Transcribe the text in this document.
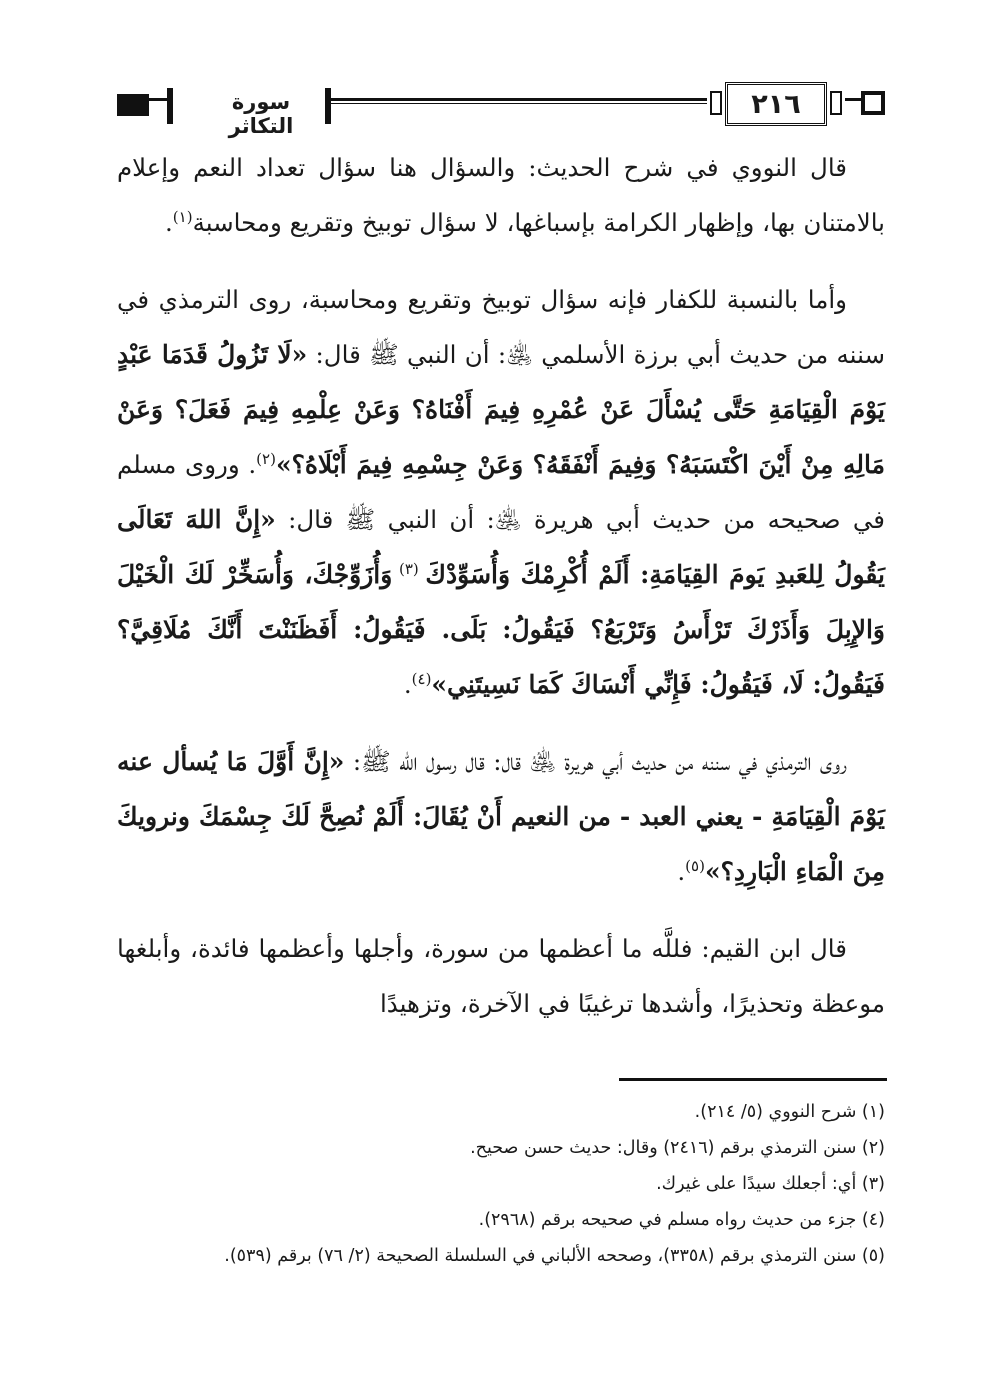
سورة التكاثر
٢١٦

قال النووي في شرح الحديث: والسؤال هنا سؤال تعداد النعم وإعلام بالامتنان بها، وإظهار الكرامة بإسباغها، لا سؤال توبيخ وتقريع ومحاسبة$^{(١)}$.

وأما بالنسبة للكفار فإنه سؤال توبيخ وتقريع ومحاسبة، روى الترمذي في سننه من حديث أبي برزة الأسلمي ﵁: أن النبي ﷺ قال: «لَا تَزُولُ قَدَمَا عَبْدٍ يَوْمَ الْقِيَامَةِ حَتَّى يُسْأَلَ عَنْ عُمْرِهِ فِيمَ أَفْنَاهُ؟ وَعَنْ عِلْمِهِ فِيمَ فَعَلَ؟ وَعَنْ مَالِهِ مِنْ أَيْنَ اكْتَسَبَهُ؟ وَفِيمَ أَنْفَقَهُ؟ وَعَنْ جِسْمِهِ فِيمَ أَبْلَاهُ؟»$^{(٢)}$. وروى مسلم في صحيحه من حديث أبي هريرة ﵁: أن النبي ﷺ قال: «إِنَّ اللهَ تَعَالَى يَقُولُ لِلعَبدِ يَومَ القِيَامَةِ: أَلَمْ أُكْرِمْكَ وَأُسَوِّدْكَ $^{(٣)}$ وَأُزَوِّجْكَ، وَأُسَخِّرْ لَكَ الْخَيْلَ وَالإِبِلَ وَأَذَرْكَ تَرْأَسُ وَتَرْبَعُ؟ فَيَقُولُ: بَلَى. فَيَقُولُ: أَفَظَنَنْتَ أَنَّكَ مُلَاقِيَّ؟ فَيَقُولُ: لَا، فَيَقُولُ: فَإِنِّي أَنْسَاكَ كَمَا نَسِيتَنِي»$^{(٤)}$.

روى الترمذي في سننه من حديث أبي هريرة ﵁ قال: قال رسول الله ﷺ: «إِنَّ أَوَّلَ مَا يُسأل عنه يَوْمَ الْقِيَامَةِ - يعني العبد - من النعيم أَنْ يُقَالَ: أَلَمْ نُصِحَّ لَكَ جِسْمَكَ ونرويكَ مِنَ الْمَاءِ الْبَارِدِ؟»$^{(٥)}$.

قال ابن القيم: فللَّه ما أعظمها من سورة، وأجلها وأعظمها فائدة، وأبلغها موعظة وتحذيرًا، وأشدها ترغيبًا في الآخرة، وتزهيدًا

(١) شرح النووي (٥/ ٢١٤).
(٢) سنن الترمذي برقم (٢٤١٦) وقال: حديث حسن صحيح.
(٣) أي: أجعلك سيدًا على غيرك.
(٤) جزء من حديث رواه مسلم في صحيحه برقم (٢٩٦٨).
(٥) سنن الترمذي برقم (٣٣٥٨)، وصححه الألباني في السلسلة الصحيحة (٢/ ٧٦) برقم (٥٣٩).
